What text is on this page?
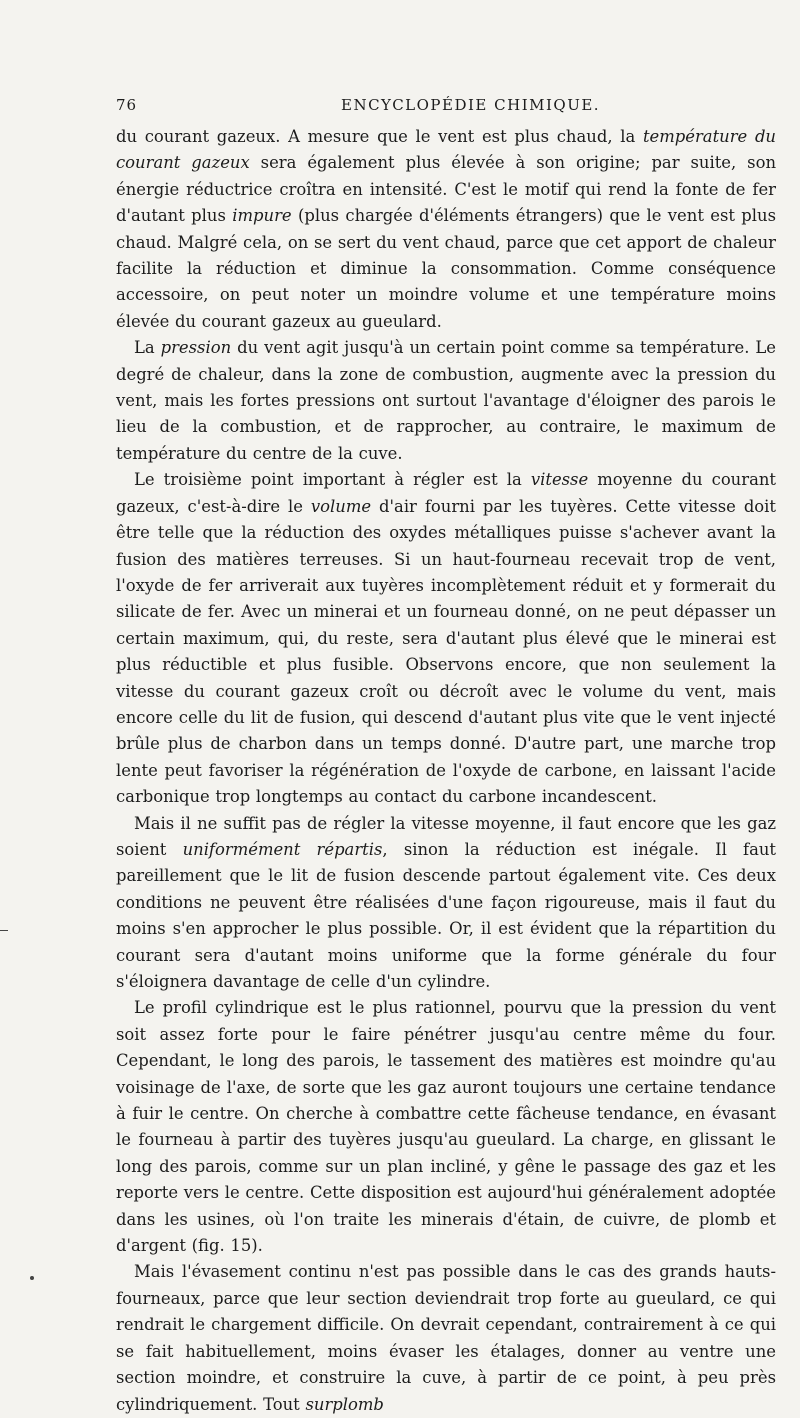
76	ENCYCLOPÉDIE CHIMIQUE.

du courant gazeux. A mesure que le vent est plus chaud, la température du courant gazeux sera également plus élevée à son origine; par suite, son énergie réductrice croîtra en intensité. C'est le motif qui rend la fonte de fer d'autant plus impure (plus chargée d'éléments étrangers) que le vent est plus chaud. Malgré cela, on se sert du vent chaud, parce que cet apport de chaleur facilite la réduction et diminue la consommation. Comme conséquence accessoire, on peut noter un moindre volume et une température moins élevée du courant gazeux au gueulard.

La pression du vent agit jusqu'à un certain point comme sa température. Le degré de chaleur, dans la zone de combustion, augmente avec la pression du vent, mais les fortes pressions ont surtout l'avantage d'éloigner des parois le lieu de la combustion, et de rapprocher, au contraire, le maximum de température du centre de la cuve.

Le troisième point important à régler est la vitesse moyenne du courant gazeux, c'est-à-dire le volume d'air fourni par les tuyères. Cette vitesse doit être telle que la réduction des oxydes métalliques puisse s'achever avant la fusion des matières terreuses. Si un haut-fourneau recevait trop de vent, l'oxyde de fer arriverait aux tuyères incomplètement réduit et y formerait du silicate de fer. Avec un minerai et un fourneau donné, on ne peut dépasser un certain maximum, qui, du reste, sera d'autant plus élevé que le minerai est plus réductible et plus fusible. Observons encore, que non seulement la vitesse du courant gazeux croît ou décroît avec le volume du vent, mais encore celle du lit de fusion, qui descend d'autant plus vite que le vent injecté brûle plus de charbon dans un temps donné. D'autre part, une marche trop lente peut favoriser la régénération de l'oxyde de carbone, en laissant l'acide carbonique trop longtemps au contact du carbone incandescent.

Mais il ne suffit pas de régler la vitesse moyenne, il faut encore que les gaz soient uniformément répartis, sinon la réduction est inégale. Il faut pareillement que le lit de fusion descende partout également vite. Ces deux conditions ne peuvent être réalisées d'une façon rigoureuse, mais il faut du moins s'en approcher le plus possible. Or, il est évident que la répartition du courant sera d'autant moins uniforme que la forme générale du four s'éloignera davantage de celle d'un cylindre.

Le profil cylindrique est le plus rationnel, pourvu que la pression du vent soit assez forte pour le faire pénétrer jusqu'au centre même du four. Cependant, le long des parois, le tassement des matières est moindre qu'au voisinage de l'axe, de sorte que les gaz auront toujours une certaine tendance à fuir le centre. On cherche à combattre cette fâcheuse tendance, en évasant le fourneau à partir des tuyères jusqu'au gueulard. La charge, en glissant le long des parois, comme sur un plan incliné, y gêne le passage des gaz et les reporte vers le centre. Cette disposition est aujourd'hui généralement adoptée dans les usines, où l'on traite les minerais d'étain, de cuivre, de plomb et d'argent (fig. 15).

Mais l'évasement continu n'est pas possible dans le cas des grands hauts-fourneaux, parce que leur section deviendrait trop forte au gueulard, ce qui rendrait le chargement difficile. On devrait cependant, contrairement à ce qui se fait habituellement, moins évaser les étalages, donner au ventre une section moindre, et construire la cuve, à partir de ce point, à peu près cylindriquement. Tout surplomb
